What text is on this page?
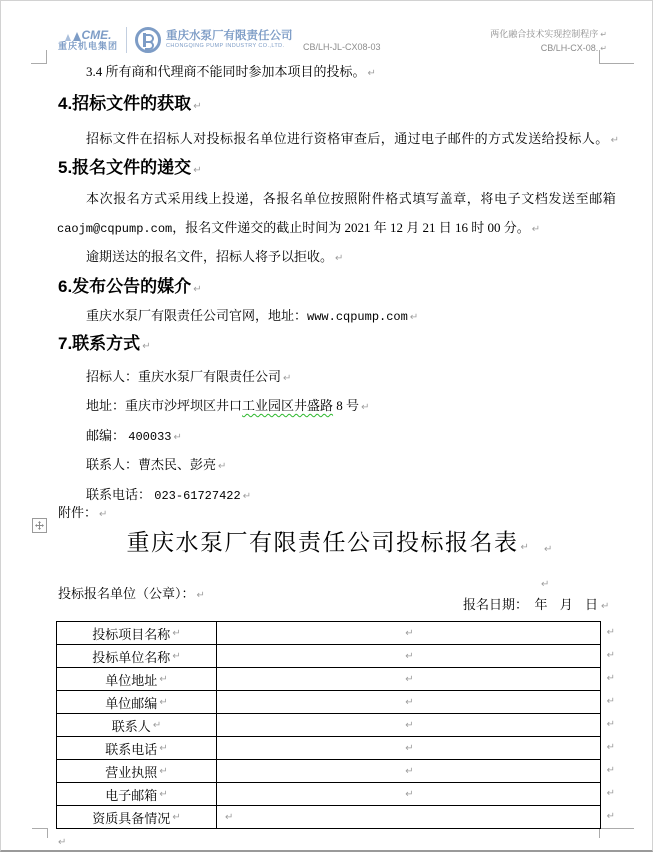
CME.
重庆机电集团
重庆水泵厂有限责任公司
CHONGQING PUMP INDUSTRY CO.,LTD.	CB/LH-JL-CX08-03
两化融合技术实现控制程序 ↵
CB/LH-CX-08. ↵
3.4 所有商和代理商不能同时参加本项目的投标。 ↵
4.招标文件的获取 ↵
招标文件在招标人对投标报名单位进行资格审查后，通过电子邮件的方式发送给投标人。 ↵
5.报名文件的递交 ↵
本次报名方式采用线上投递，各报名单位按照附件格式填写盖章，将电子文档发送至邮箱
caojm@cqpump.com，报名文件递交的截止时间为 2021 年 12 月 21 日 16 时 00 分。 ↵
逾期送达的报名文件，招标人将予以拒收。 ↵
6.发布公告的媒介 ↵
重庆水泵厂有限责任公司官网，地址：www.cqpump.com ↵
7.联系方式 ↵
招标人：重庆水泵厂有限责任公司 ↵
地址：重庆市沙坪坝区井口工业园区井盛路 8 号 ↵
邮编： 400033 ↵
联系人：曹杰民、彭亮 ↵
联系电话： 023-61727422 ↵
附件： ↵
重庆水泵厂有限责任公司投标报名表 ↵	↵
投标报名单位（公章）： ↵
↵
报名日期： 年 月 日 ↵
投标项目名称 ↵	↵	↵
投标单位名称 ↵	↵	↵
单位地址 ↵	↵	↵
单位邮编 ↵	↵	↵
联系人 ↵	↵	↵
联系电话 ↵	↵	↵
营业执照 ↵	↵	↵
电子邮箱 ↵	↵	↵
资质具备情况 ↵	↵	↵
↵
